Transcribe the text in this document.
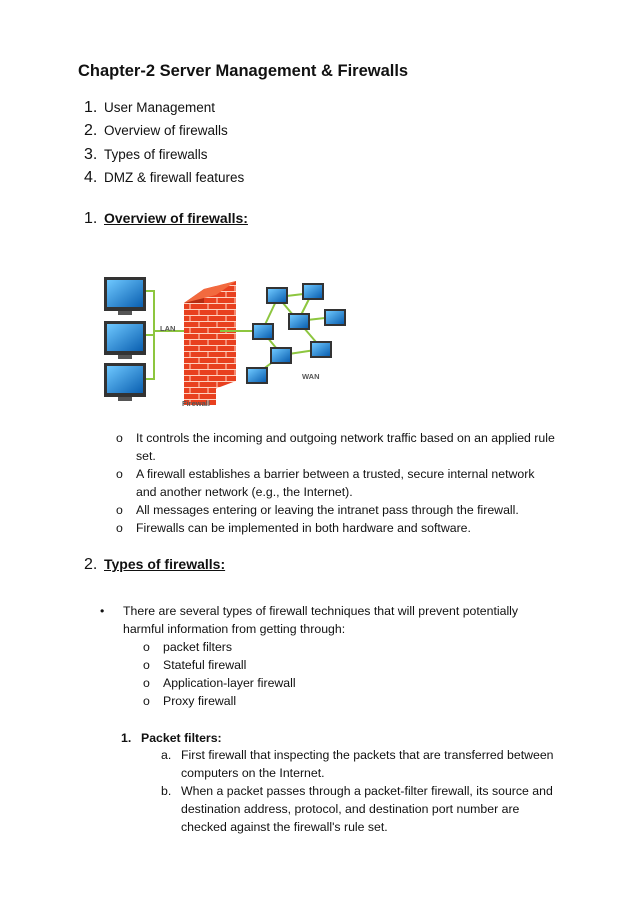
Chapter-2 Server Management & Firewalls
1. User Management
2. Overview of firewalls
3. Types of firewalls
4. DMZ & firewall features
1. Overview of firewalls:
LAN
Firewall
WAN
o	It controls the incoming and outgoing network traffic based on an applied rule set.
o	A firewall establishes a barrier between a trusted, secure internal network and another network (e.g., the Internet).
o	All messages entering or leaving the intranet pass through the firewall.
o	Firewalls can be implemented in both hardware and software.
2. Types of firewalls:
•	There are several types of firewall techniques that will prevent potentially harmful information from getting through:
o	packet filters
o	Stateful firewall
o	Application-layer firewall
o	Proxy firewall
1. Packet filters:
a. First firewall that inspecting the packets that are transferred between computers on the Internet.
b. When a packet passes through a packet-filter firewall, its source and destination address, protocol, and destination port number are checked against the firewall's rule set.
